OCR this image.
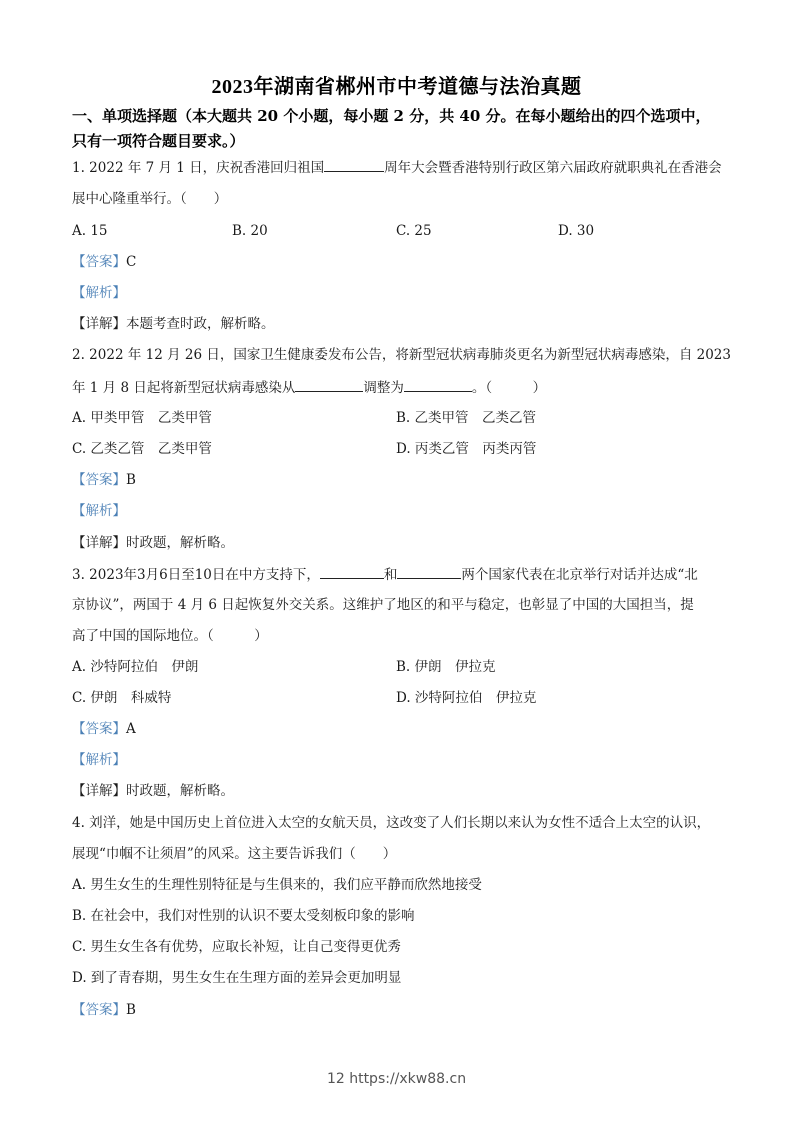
2023年湖南省郴州市中考道德与法治真题
一、单项选择题（本大题共 20 个小题，每小题 2 分，共 40 分。在每小题给出的四个选项中，
只有一项符合题目要求。）
1. 2022 年 7 月 1 日，庆祝香港回归祖国	周年大会暨香港特别行政区第六届政府就职典礼在香港会
展中心隆重举行。（　　）
A. 15	B. 20	C. 25	D. 30
【答案】C
【解析】
【详解】本题考查时政，解析略。
2. 2022 年 12 月 26 日，国家卫生健康委发布公告，将新型冠状病毒肺炎更名为新型冠状病毒感染，自 2023
年 1 月 8 日起将新型冠状病毒感染从	调整为	。（　　　）
A. 甲类甲管　乙类甲管	B. 乙类甲管　乙类乙管
C. 乙类乙管　乙类甲管	D. 丙类乙管　丙类丙管
【答案】B
【解析】
【详解】时政题，解析略。
3. 2023年3月6日至10日在中方支持下，	和	两个国家代表在北京举行对话并达成“北
京协议”，两国于 4 月 6 日起恢复外交关系。这维护了地区的和平与稳定，也彰显了中国的大国担当，提
高了中国的国际地位。（　　　）
A. 沙特阿拉伯　伊朗	B. 伊朗　伊拉克
C. 伊朗　科威特	D. 沙特阿拉伯　伊拉克
【答案】A
【解析】
【详解】时政题，解析略。
4. 刘洋，她是中国历史上首位进入太空的女航天员，这改变了人们长期以来认为女性不适合上太空的认识，
展现“巾帼不让须眉”的风采。这主要告诉我们（　　）
A. 男生女生的生理性别特征是与生俱来的，我们应平静而欣然地接受
B. 在社会中，我们对性别的认识不要太受刻板印象的影响
C. 男生女生各有优势，应取长补短，让自己变得更优秀
D. 到了青春期，男生女生在生理方面的差异会更加明显
【答案】B
12 https://xkw88.cn
